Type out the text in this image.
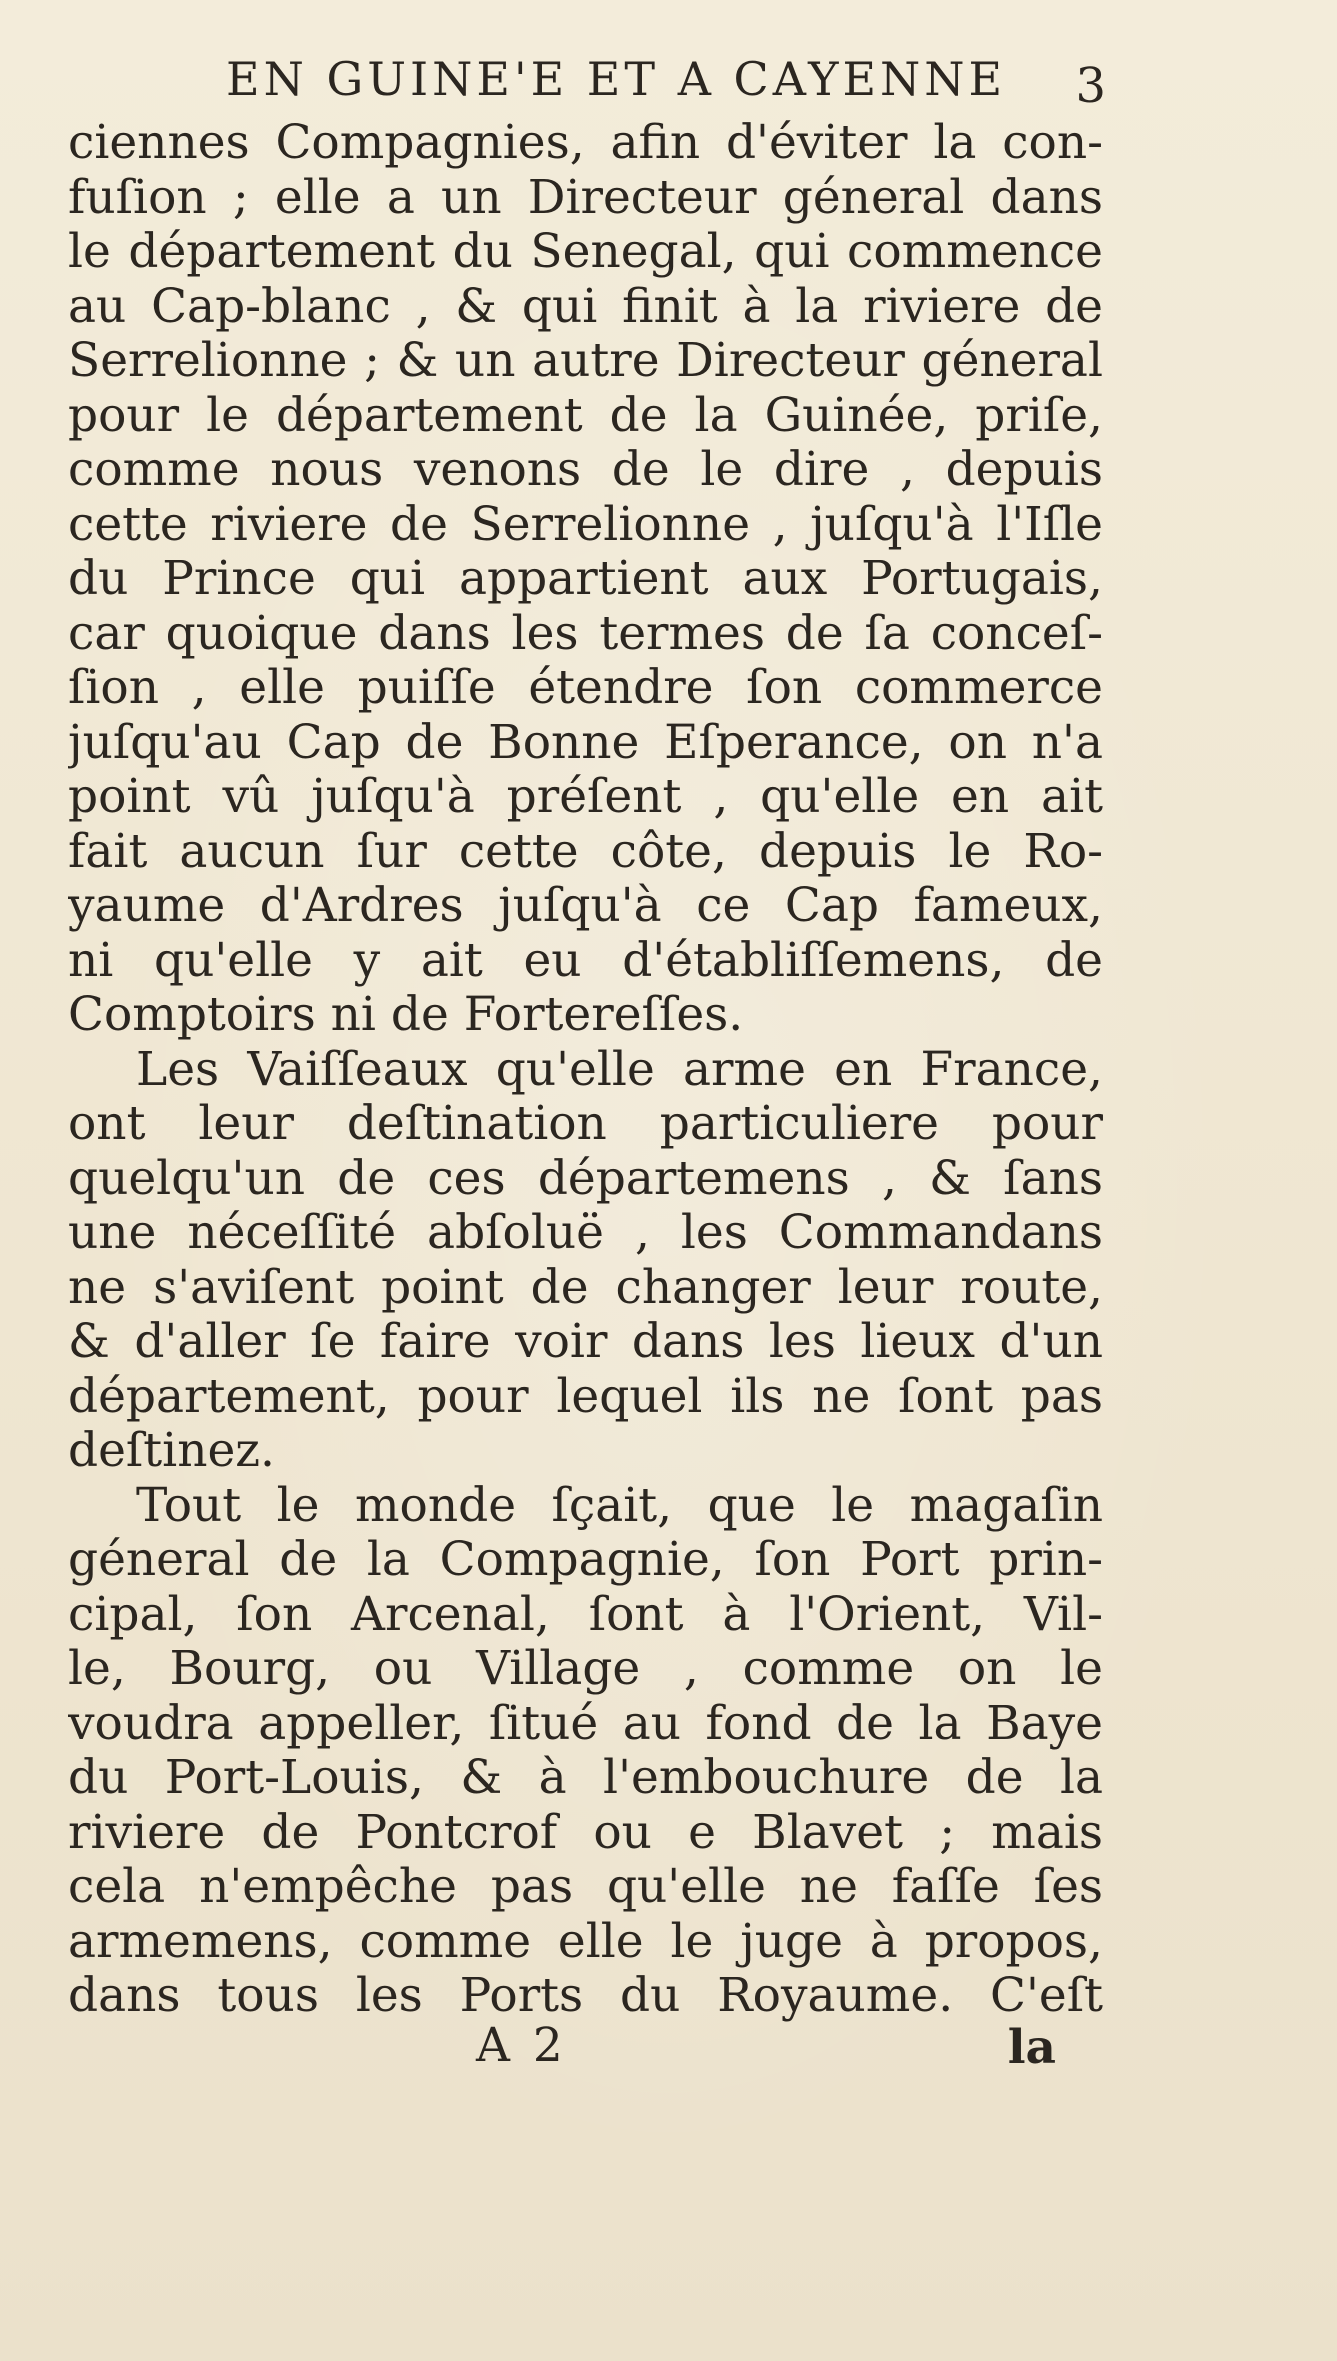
EN GUINE'E ET A CAYENNE 3
ciennes Compagnies, afin d'éviter la con-
fuſion ; elle a un Directeur géneral dans
le département du Senegal, qui commence
au Cap-blanc , & qui finit à la riviere de
Serrelionne ; & un autre Directeur géneral
pour le département de la Guinée, priſe,
comme nous venons de le dire , depuis
cette riviere de Serrelionne , juſqu'à l'Iſle
du Prince qui appartient aux Portugais,
car quoique dans les termes de ſa conceſ-
ſion , elle puiſſe étendre ſon commerce
juſqu'au Cap de Bonne Eſperance, on n'a
point vû juſqu'à préſent , qu'elle en ait
fait aucun ſur cette côte, depuis le Ro-
yaume d'Ardres juſqu'à ce Cap fameux,
ni qu'elle y ait eu d'établiſſemens, de
Comptoirs ni de Fortereſſes.
Les Vaiſſeaux qu'elle arme en France,
ont leur deſtination particuliere pour
quelqu'un de ces départemens , & ſans
une néceſſité abſoluë , les Commandans
ne s'aviſent point de changer leur route,
& d'aller ſe faire voir dans les lieux d'un
département, pour lequel ils ne ſont pas
deſtinez.
Tout le monde ſçait, que le magaſin
géneral de la Compagnie, ſon Port prin-
cipal, ſon Arcenal, ſont à l'Orient, Vil-
le, Bourg, ou Village , comme on le
voudra appeller, ſitué au fond de la Baye
du Port-Louis, & à l'embouchure de la
riviere de Pontcrof ou e Blavet ; mais
cela n'empêche pas qu'elle ne faſſe ſes
armemens, comme elle le juge à propos,
dans tous les Ports du Royaume. C'eſt
A 2	la
